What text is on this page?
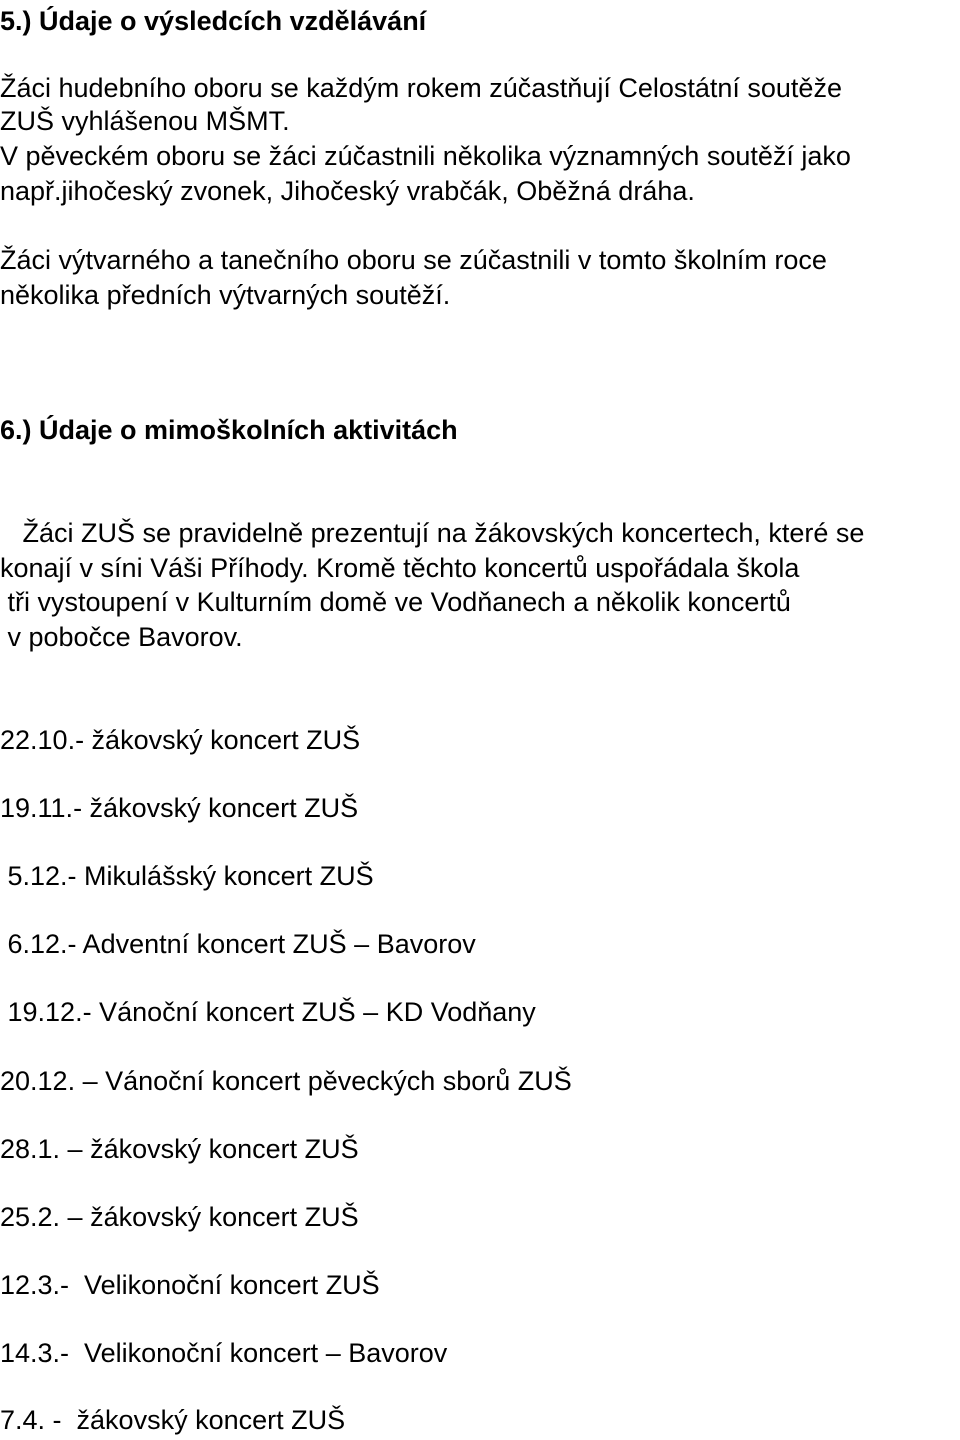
5.) Údaje o výsledcích vzdělávání
Žáci hudebního oboru se každým rokem zúčastňují Celostátní soutěže
ZUŠ vyhlášenou MŠMT.
V pěveckém oboru se žáci zúčastnili několika významných soutěží jako
např.jihočeský zvonek, Jihočeský vrabčák, Oběžná dráha.
Žáci výtvarného a tanečního oboru se zúčastnili v tomto školním roce
několika předních výtvarných soutěží.
6.) Údaje o mimoškolních aktivitách
Žáci ZUŠ se pravidelně prezentují na žákovských koncertech, které se
konají v síni Váši Příhody. Kromě těchto koncertů uspořádala škola
tři vystoupení v Kulturním domě ve Vodňanech a několik koncertů
v pobočce Bavorov.
22.10.- žákovský koncert ZUŠ
19.11.- žákovský koncert ZUŠ
5.12.- Mikulášský koncert ZUŠ
6.12.- Adventní koncert ZUŠ – Bavorov
19.12.- Vánoční koncert ZUŠ – KD Vodňany
20.12. – Vánoční koncert pěveckých sborů ZUŠ
28.1. – žákovský koncert ZUŠ
25.2. – žákovský koncert ZUŠ
12.3.-  Velikonoční koncert ZUŠ
14.3.-  Velikonoční koncert – Bavorov
7.4. -  žákovský koncert ZUŠ
